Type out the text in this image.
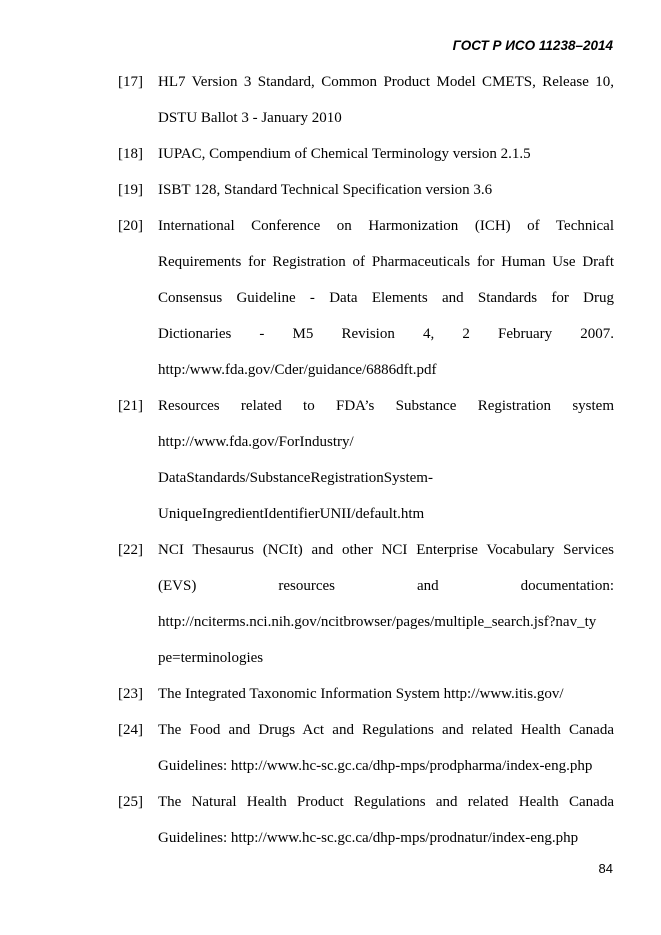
ГОСТ Р ИСО 11238–2014
[17]	HL7 Version 3 Standard, Common Product Model CMETS, Release 10,
DSTU Ballot 3 - January 2010
[18]	IUPAC, Compendium of Chemical Terminology version 2.1.5
[19]	ISBT 128, Standard Technical Specification version 3.6
[20]	International Conference on Harmonization (ICH) of Technical
Requirements for Registration of Pharmaceuticals for Human Use Draft
Consensus Guideline - Data Elements and Standards for Drug
Dictionaries - M5 Revision 4, 2 February 2007.
http:/www.fda.gov/Cder/guidance/6886dft.pdf
[21]	Resources related to FDA’s Substance Registration system
http://www.fda.gov/ForIndustry/
DataStandards/SubstanceRegistrationSystem-
UniqueIngredientIdentifierUNII/default.htm
[22]	NCI Thesaurus (NCIt) and other NCI Enterprise Vocabulary Services
(EVS) resources and documentation:
http://nciterms.nci.nih.gov/ncitbrowser/pages/multiple_search.jsf?nav_ty
pe=terminologies
[23]	The Integrated Taxonomic Information System http://www.itis.gov/
[24]	The Food and Drugs Act and Regulations and related Health Canada
Guidelines: http://www.hc-sc.gc.ca/dhp-mps/prodpharma/index-eng.php
[25]	The Natural Health Product Regulations and related Health Canada
Guidelines: http://www.hc-sc.gc.ca/dhp-mps/prodnatur/index-eng.php
84
